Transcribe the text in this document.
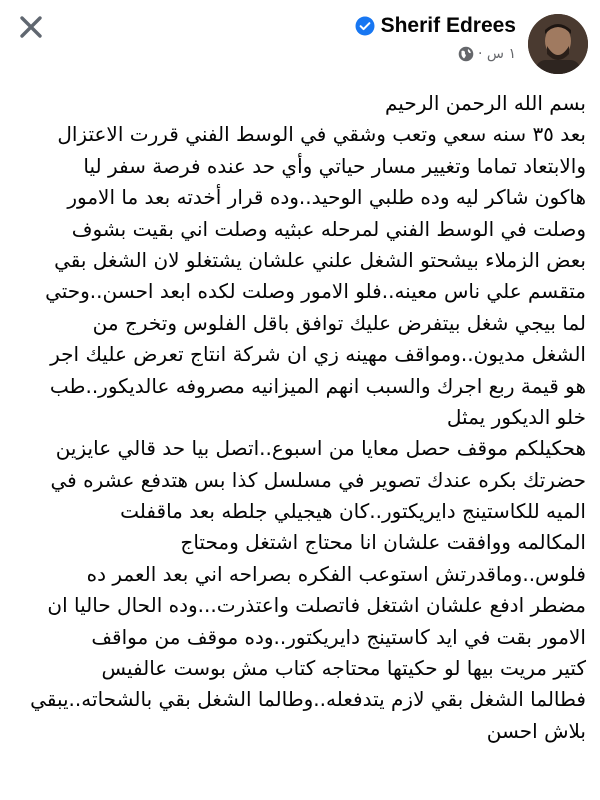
Sherif Edrees
١ س ·
بسم الله الرحمن الرحيم
بعد ٣٥ سنه سعي وتعب وشقي في الوسط الفني قررت الاعتزال
والابتعاد تماما وتغيير مسار حياتي وأي حد عنده فرصة سفر ليا
هاكون شاكر ليه وده طلبي الوحيد..وده قرار أخدته بعد ما الامور
وصلت في الوسط الفني لمرحله عبثيه وصلت اني بقيت بشوف
بعض الزملاء بيشحتو الشغل علني علشان يشتغلو لان الشغل بقي
متقسم علي ناس معينه..فلو الامور وصلت لكده ابعد احسن..وحتي
لما بيجي شغل بيتفرض عليك توافق باقل الفلوس وتخرج من
الشغل مديون..ومواقف مهينه زي ان شركة انتاج تعرض عليك اجر
هو قيمة ربع اجرك والسبب انهم الميزانيه مصروفه عالديكور..طب
خلو الديكور يمثل
هحكيلكم موقف حصل معايا من اسبوع..اتصل بيا حد قالي عايزين
حضرتك بكره عندك تصوير في مسلسل كذا بس هتدفع عشره في
الميه للكاستينج دايريكتور..كان هيجيلي جلطه بعد ماقفلت
المكالمه ووافقت علشان انا محتاج اشتغل ومحتاج
فلوس..وماقدرتش استوعب الفكره بصراحه اني بعد العمر ده
مضطر ادفع علشان اشتغل فاتصلت واعتذرت...وده الحال حاليا ان
الامور بقت في ايد كاستينج دايريكتور..وده موقف من مواقف
كتير مريت بيها لو حكيتها محتاجه كتاب مش بوست عالفيس
فطالما الشغل بقي لازم يتدفعله..وطالما الشغل بقي بالشحاته..يبقي
بلاش احسن
